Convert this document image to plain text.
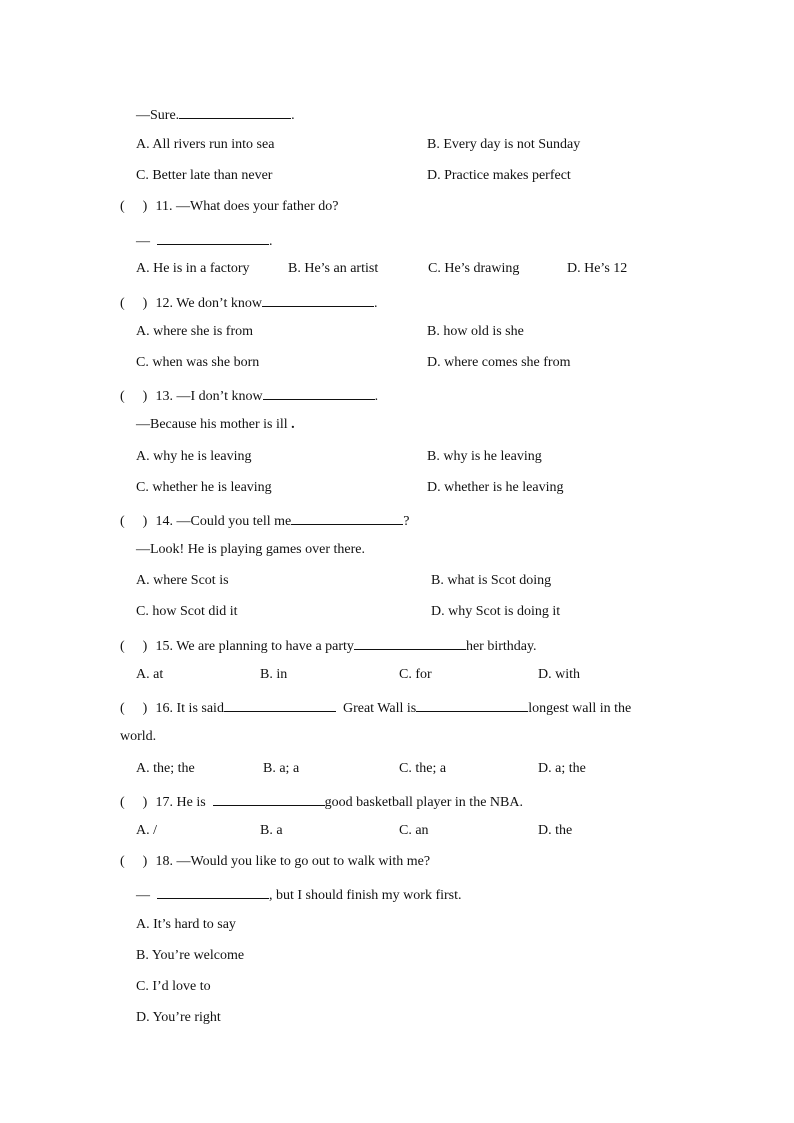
—Sure.	.
A. All rivers run into sea	B. Every day is not Sunday
C. Better late than never	D. Practice makes perfect
( ) 11. —What does your father do?
—	.
A. He is in a factory	B. He’s an artist	C. He’s drawing	D. He’s 12
( ) 12. We don’t know	.
A. where she is from	B. how old is she
C. when was she born	D. where comes she from
( ) 13. —I don’t know	.
—Because his mother is ill .
A. why he is leaving	B. why is he leaving
C. whether he is leaving	D. whether is he leaving
( ) 14. —Could you tell me	?
—Look! He is playing games over there.
A. where Scot is	B. what is Scot doing
C. how Scot did it	D. why Scot is doing it
( ) 15. We are planning to have a party	her birthday.
A. at	B. in	C. for	D. with
( ) 16. It is said	Great Wall is	longest wall in the
world.
A. the; the	B. a; a	C. the; a	D. a; the
( ) 17. He is	good basketball player in the NBA.
A. /	B. a	C. an	D. the
( ) 18. —Would you like to go out to walk with me?
—	, but I should finish my work first.
A. It’s hard to say
B. You’re welcome
C. I’d love to
D. You’re right
